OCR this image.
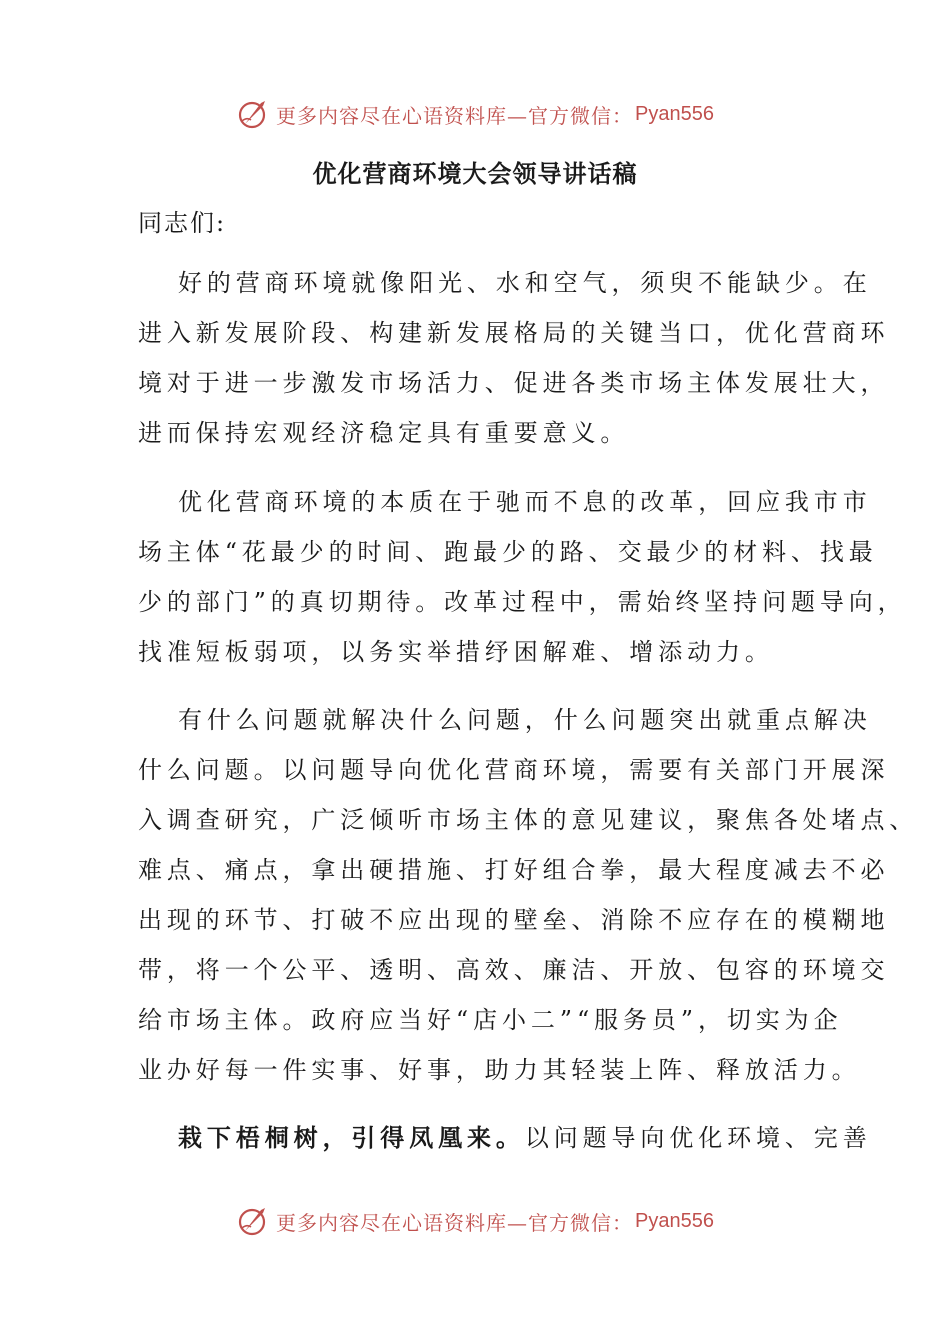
更多内容尽在心语资料库—官方微信： Pyan556
优化营商环境大会领导讲话稿
同志们:
好的营商环境就像阳光、水和空气，须臾不能缺少。在
进入新发展阶段、构建新发展格局的关键当口，优化营商环
境对于进一步激发市场活力、促进各类市场主体发展壮大，
进而保持宏观经济稳定具有重要意义。
优化营商环境的本质在于驰而不息的改革，回应我市市
场主体“花最少的时间、跑最少的路、交最少的材料、找最
少的部门”的真切期待。改革过程中，需始终坚持问题导向，
找准短板弱项，以务实举措纾困解难、增添动力。
有什么问题就解决什么问题，什么问题突出就重点解决
什么问题。以问题导向优化营商环境，需要有关部门开展深
入调查研究，广泛倾听市场主体的意见建议，聚焦各处堵点、
难点、痛点，拿出硬措施、打好组合拳，最大程度减去不必
出现的环节、打破不应出现的壁垒、消除不应存在的模糊地
带，将一个公平、透明、高效、廉洁、开放、包容的环境交
给市场主体。政府应当好“店小二”“服务员”，切实为企
业办好每一件实事、好事，助力其轻装上阵、释放活力。
栽下梧桐树，引得凤凰来。以问题导向优化环境、完善
更多内容尽在心语资料库—官方微信： Pyan556
